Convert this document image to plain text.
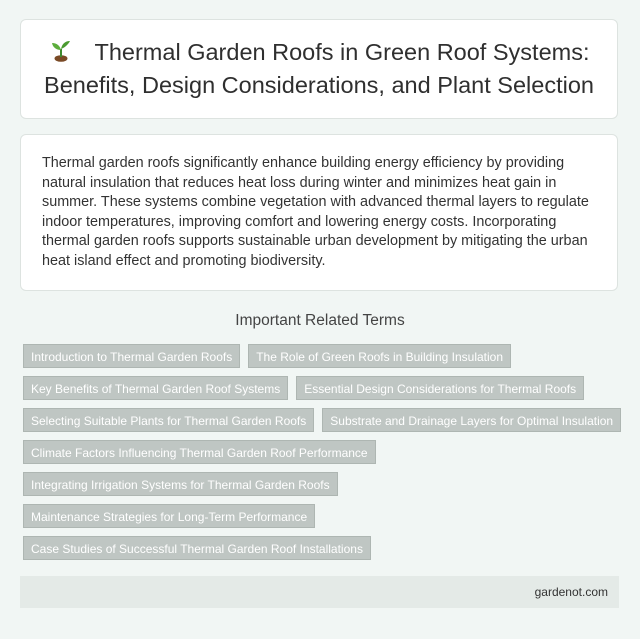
Thermal Garden Roofs in Green Roof Systems: Benefits, Design Considerations, and Plant Selection

Thermal garden roofs significantly enhance building energy efficiency by providing natural insulation that reduces heat loss during winter and minimizes heat gain in summer. These systems combine vegetation with advanced thermal layers to regulate indoor temperatures, improving comfort and lowering energy costs. Incorporating thermal garden roofs supports sustainable urban development by mitigating the urban heat island effect and promoting biodiversity.

Important Related Terms
Introduction to Thermal Garden Roofs	The Role of Green Roofs in Building Insulation
Key Benefits of Thermal Garden Roof Systems	Essential Design Considerations for Thermal Roofs
Selecting Suitable Plants for Thermal Garden Roofs	Substrate and Drainage Layers for Optimal Insulation
Climate Factors Influencing Thermal Garden Roof Performance
Integrating Irrigation Systems for Thermal Garden Roofs
Maintenance Strategies for Long-Term Performance
Case Studies of Successful Thermal Garden Roof Installations
gardenot.com
